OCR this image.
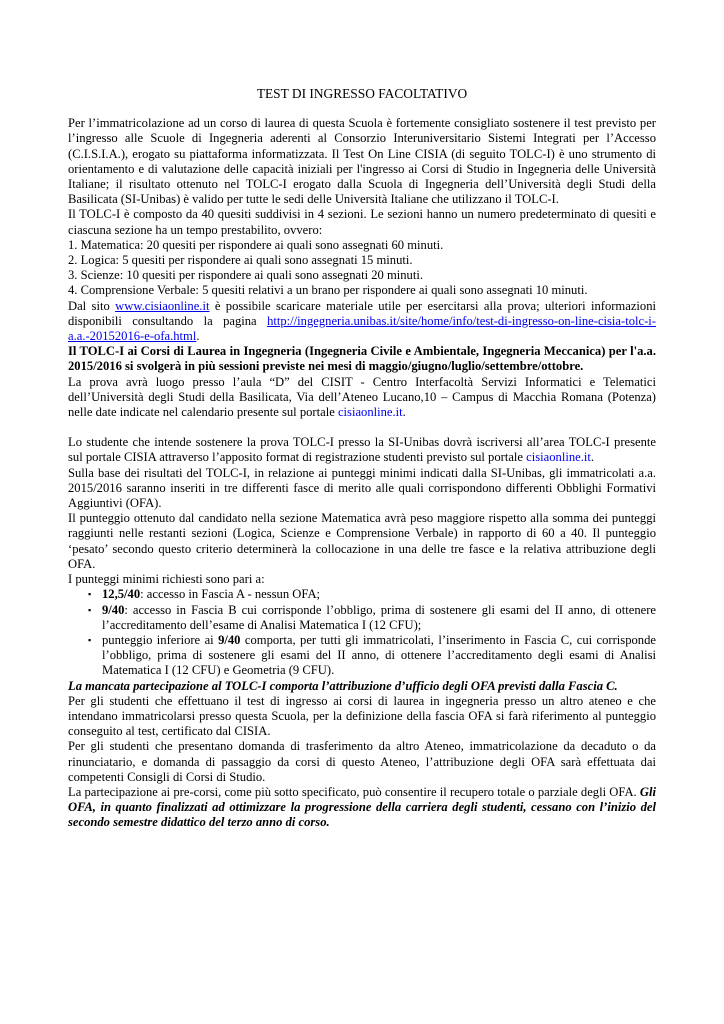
TEST DI INGRESSO FACOLTATIVO

Per l’immatricolazione ad un corso di laurea di questa Scuola è fortemente consigliato sostenere il test previsto per l’ingresso alle Scuole di Ingegneria aderenti al Consorzio Interuniversitario Sistemi Integrati per l’Accesso (C.I.S.I.A.), erogato su piattaforma informatizzata. Il Test On Line CISIA (di seguito TOLC-I) è uno strumento di orientamento e di valutazione delle capacità iniziali per l'ingresso ai Corsi di Studio in Ingegneria delle Università Italiane; il risultato ottenuto nel TOLC-I erogato dalla Scuola di Ingegneria dell’Università degli Studi della Basilicata (SI-Unibas) è valido per tutte le sedi delle Università Italiane che utilizzano il TOLC-I.

Il TOLC-I è composto da 40 quesiti suddivisi in 4 sezioni. Le sezioni hanno un numero predeterminato di quesiti e ciascuna sezione ha un tempo prestabilito, ovvero:

1. Matematica: 20 quesiti per rispondere ai quali sono assegnati 60 minuti.

2. Logica: 5 quesiti per rispondere ai quali sono assegnati 15 minuti.

3. Scienze: 10 quesiti per rispondere ai quali sono assegnati 20 minuti.

4. Comprensione Verbale: 5 quesiti relativi a un brano per rispondere ai quali sono assegnati 10 minuti.

Dal sito www.cisiaonline.it è possibile scaricare materiale utile per esercitarsi alla prova; ulteriori informazioni disponibili consultando la pagina http://ingegneria.unibas.it/site/home/info/test-di-ingresso-on-line-cisia-tolc-i-a.a.-20152016-e-ofa.html.

Il TOLC-I ai Corsi di Laurea in Ingegneria (Ingegneria Civile e Ambientale, Ingegneria Meccanica) per l'a.a. 2015/2016 si svolgerà in più sessioni previste nei mesi di maggio/giugno/luglio/settembre/ottobre.

La prova avrà luogo presso l’aula “D” del CISIT - Centro Interfacoltà Servizi Informatici e Telematici dell’Università degli Studi della Basilicata, Via dell’Ateneo Lucano,10 – Campus di Macchia Romana (Potenza) nelle date indicate nel calendario presente sul portale cisiaonline.it.

Lo studente che intende sostenere la prova TOLC-I presso la SI-Unibas dovrà iscriversi all’area TOLC-I presente sul portale CISIA attraverso l’apposito format di registrazione studenti previsto sul portale cisiaonline.it.

Sulla base dei risultati del TOLC-I, in relazione ai punteggi minimi indicati dalla SI-Unibas, gli immatricolati a.a. 2015/2016 saranno inseriti in tre differenti fasce di merito alle quali corrispondono differenti Obblighi Formativi Aggiuntivi (OFA).

Il punteggio ottenuto dal candidato nella sezione Matematica avrà peso maggiore rispetto alla somma dei punteggi raggiunti nelle restanti sezioni (Logica, Scienze e Comprensione Verbale) in rapporto di 60 a 40. Il punteggio ‘pesato’ secondo questo criterio determinerà la collocazione in una delle tre fasce e la relativa attribuzione degli OFA.

I punteggi minimi richiesti sono pari a:

▪ 12,5/40: accesso in Fascia A - nessun OFA;
▪ 9/40: accesso in Fascia B cui corrisponde l’obbligo, prima di sostenere gli esami del II anno, di ottenere l’accreditamento dell’esame di Analisi Matematica I (12 CFU);
▪ punteggio inferiore ai 9/40 comporta, per tutti gli immatricolati, l’inserimento in Fascia C, cui corrisponde l’obbligo, prima di sostenere gli esami del II anno, di ottenere l’accreditamento degli esami di Analisi Matematica I (12 CFU) e Geometria (9 CFU).

La mancata partecipazione al TOLC-I comporta l’attribuzione d’ufficio degli OFA previsti dalla Fascia C.

Per gli studenti che effettuano il test di ingresso ai corsi di laurea in ingegneria presso un altro ateneo e che intendano immatricolarsi presso questa Scuola, per la definizione della fascia OFA si farà riferimento al punteggio conseguito al test, certificato dal CISIA.

Per gli studenti che presentano domanda di trasferimento da altro Ateneo, immatricolazione da decaduto o da rinunciatario, e domanda di passaggio da corsi di questo Ateneo, l’attribuzione degli OFA sarà effettuata dai competenti Consigli di Corsi di Studio.

La partecipazione ai pre-corsi, come più sotto specificato, può consentire il recupero totale o parziale degli OFA. Gli OFA, in quanto finalizzati ad ottimizzare la progressione della carriera degli studenti, cessano con l’inizio del secondo semestre didattico del terzo anno di corso.
